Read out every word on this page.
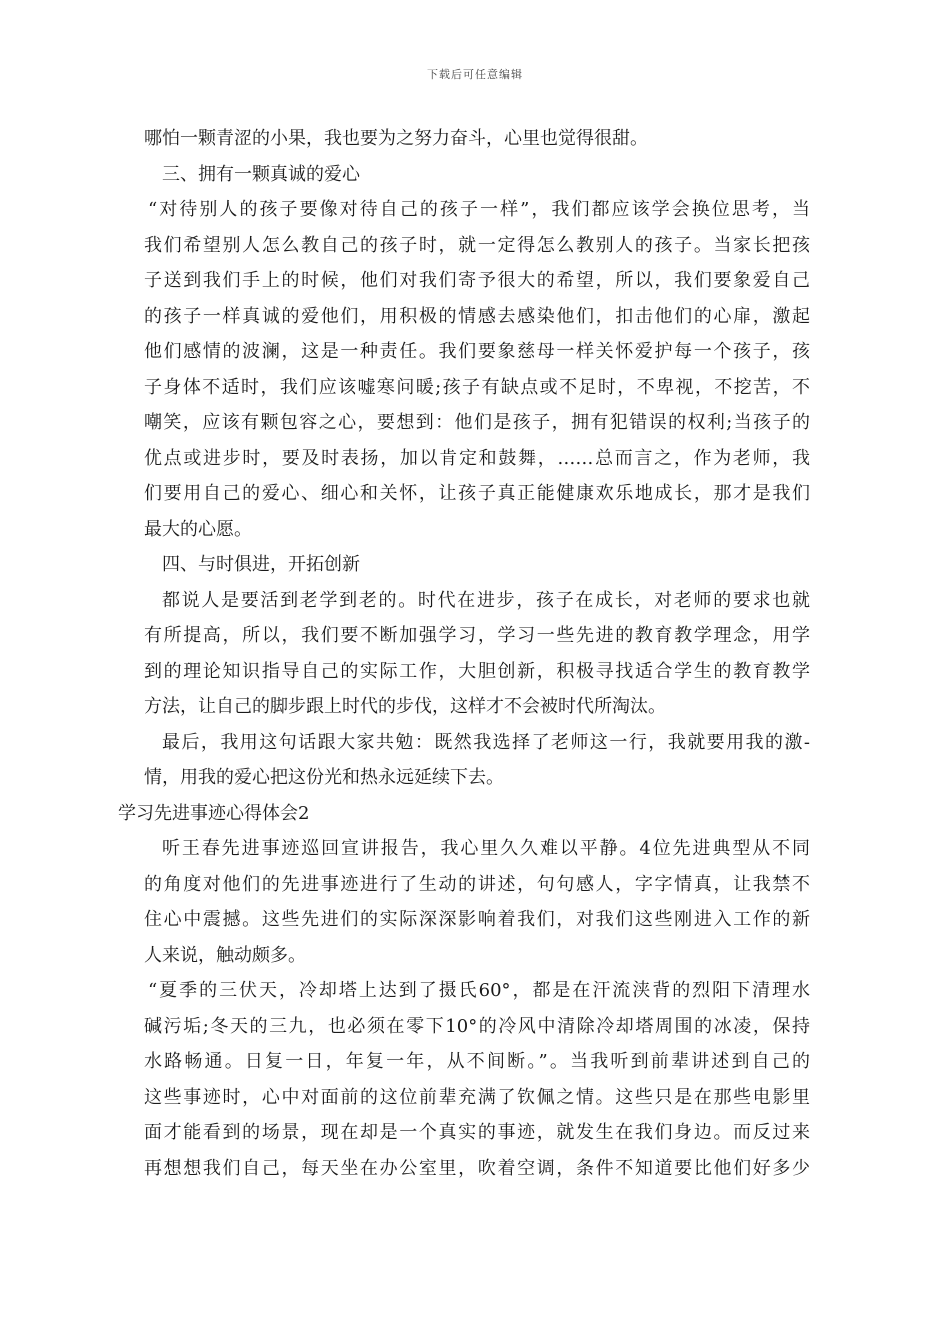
下载后可任意编辑
哪怕一颗青涩的小果，我也要为之努力奋斗，心里也觉得很甜。
三、拥有一颗真诚的爱心
“对待别人的孩子要像对待自己的孩子一样”，我们都应该学会换位思考，当
我们希望别人怎么教自己的孩子时，就一定得怎么教别人的孩子。当家长把孩
子送到我们手上的时候，他们对我们寄予很大的希望，所以，我们要象爱自己
的孩子一样真诚的爱他们，用积极的情感去感染他们，扣击他们的心扉，激起
他们感情的波澜，这是一种责任。我们要象慈母一样关怀爱护每一个孩子，孩
子身体不适时，我们应该嘘寒问暖;孩子有缺点或不足时，不卑视，不挖苦，不
嘲笑，应该有颗包容之心，要想到：他们是孩子，拥有犯错误的权利;当孩子的
优点或进步时，要及时表扬，加以肯定和鼓舞，……总而言之，作为老师，我
们要用自己的爱心、细心和关怀，让孩子真正能健康欢乐地成长，那才是我们
最大的心愿。
四、与时俱进，开拓创新
都说人是要活到老学到老的。时代在进步，孩子在成长，对老师的要求也就
有所提高，所以，我们要不断加强学习，学习一些先进的教育教学理念，用学
到的理论知识指导自己的实际工作，大胆创新，积极寻找适合学生的教育教学
方法，让自己的脚步跟上时代的步伐，这样才不会被时代所淘汰。
最后，我用这句话跟大家共勉：既然我选择了老师这一行，我就要用我的激-
情，用我的爱心把这份光和热永远延续下去。
学习先进事迹心得体会2
听王春先进事迹巡回宣讲报告，我心里久久难以平静。4位先进典型从不同
的角度对他们的先进事迹进行了生动的讲述，句句感人，字字情真，让我禁不
住心中震撼。这些先进们的实际深深影响着我们，对我们这些刚进入工作的新
人来说，触动颇多。
“夏季的三伏天，冷却塔上达到了摄氏60°，都是在汗流浃背的烈阳下清理水
碱污垢;冬天的三九，也必须在零下10°的冷风中清除冷却塔周围的冰凌，保持
水路畅通。日复一日，年复一年，从不间断。”。当我听到前辈讲述到自己的
这些事迹时，心中对面前的这位前辈充满了钦佩之情。这些只是在那些电影里
面才能看到的场景，现在却是一个真实的事迹，就发生在我们身边。而反过来
再想想我们自己，每天坐在办公室里，吹着空调，条件不知道要比他们好多少
